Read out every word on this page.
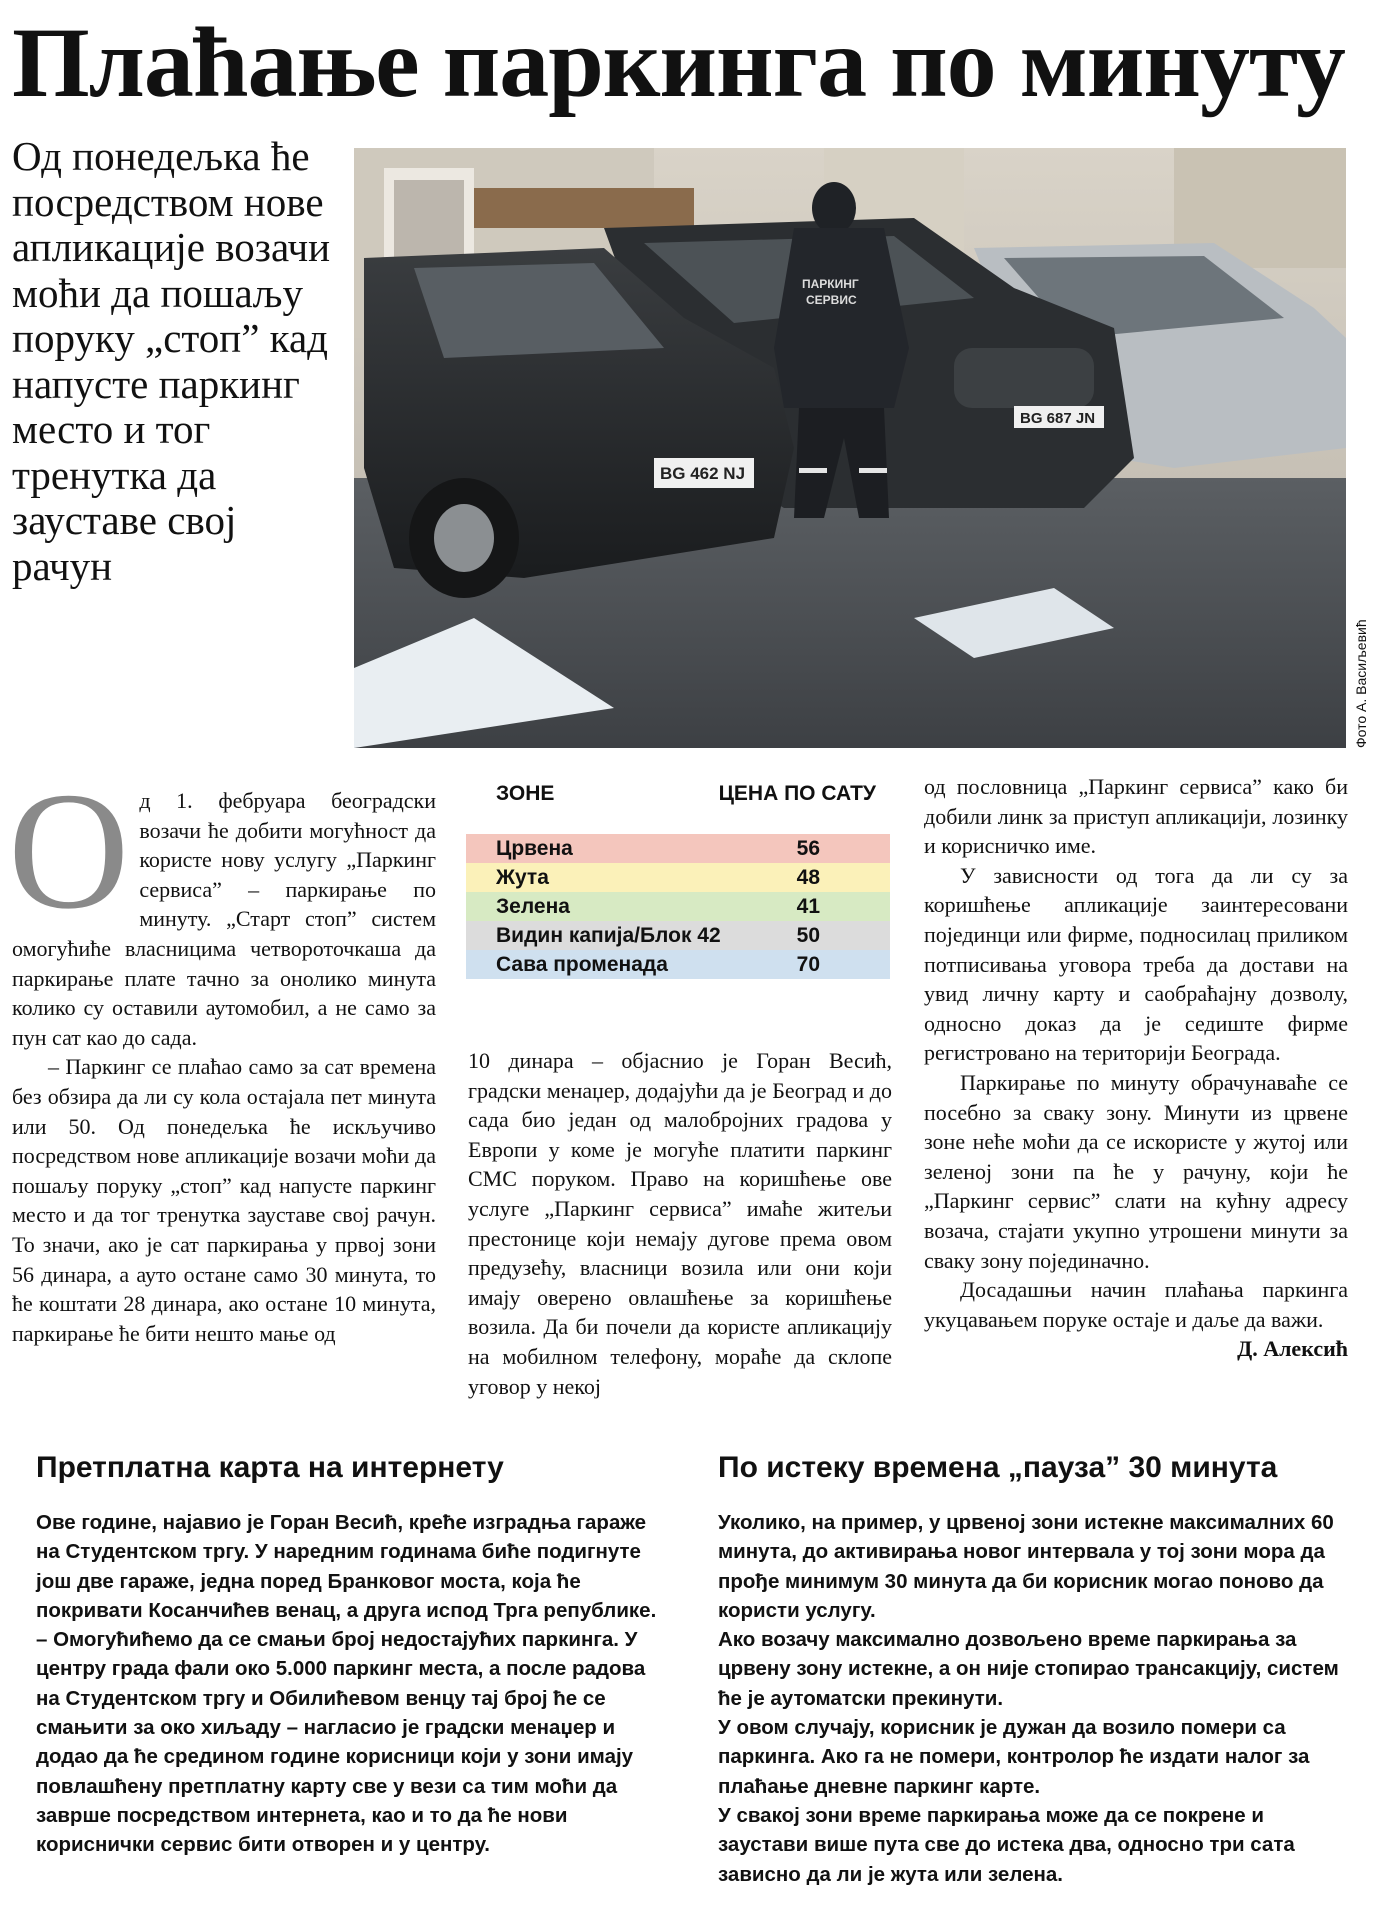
Плаћање паркинга по минуту

Од понедељка ће посредством нове апликације возачи моћи да пошаљу поруку „стоп” кад напусте паркинг место и тог тренутка да зауставе свој рачун

BG 687 JN
BG 462 NJ
ПАРКИНГ
СЕРВИС
Фото А. Васиљевић

Од 1. фебруара београдски возачи ће добити могућност да користе нову услугу „Паркинг сервиса” – паркирање по минуту. „Старт стоп” систем омогућиће власницима четвороточкаша да паркирање плате тачно за онолико минута колико су оставили аутомобил, а не само за пун сат као до сада.

– Паркинг се плаћао само за сат времена без обзира да ли су кола остајала пет минута или 50. Од понедељка ће искључиво посредством нове апликације возачи моћи да пошаљу поруку „стоп” кад напусте паркинг место и да тог тренутка зауставе свој рачун. То значи, ако је сат паркирања у првој зони 56 динара, а ауто остане само 30 минута, то ће коштати 28 динара, ако остане 10 минута, паркирање ће бити нешто мање од

ЗОНЕ	ЦЕНА ПО САТУ
Црвена	56
Жута	48
Зелена	41
Видин капија/Блок 42	50
Сава променада	70

10 динара – објаснио је Горан Весић, градски менаџер, додајући да је Београд и до сада био један од малобројних градова у Европи у коме је могуће платити паркинг СМС поруком. Право на коришћење ове услуге „Паркинг сервиса” имаће житељи престонице који немају дугове према овом предузећу, власници возила или они који имају оверено овлашћење за коришћење возила. Да би почели да користе апликацију на мобилном телефону, мораће да склопе уговор у некој

од пословница „Паркинг сервиса” како би добили линк за приступ апликацији, лозинку и корисничко име.

У зависности од тога да ли су за коришћење апликације заинтересовани појединци или фирме, подносилац приликом потписивања уговора треба да достави на увид личну карту и саобраћајну дозволу, односно доказ да је седиште фирме регистровано на територији Београда.

Паркирање по минуту обрачунаваће се посебно за сваку зону. Минути из црвене зоне неће моћи да се искористе у жутој или зеленој зони па ће у рачуну, који ће „Паркинг сервис” слати на кућну адресу возача, стајати укупно утрошени минути за сваку зону појединачно.

Досадашњи начин плаћања паркинга укуцавањем поруке остаје и даље да важи.
Д. Алексић

Претплатна карта на интернету

Ове године, најавио је Горан Весић, креће изградња гараже на Студентском тргу. У наредним годинама биће подигнуте још две гараже, једна поред Бранковог моста, која ће покривати Косанчићев венац, а друга испод Трга републике.

– Омогућићемо да се смањи број недостајућих паркинга. У центру града фали око 5.000 паркинг места, а после радова на Студентском тргу и Обилићевом венцу тај број ће се смањити за око хиљаду – нагласио је градски менаџер и додао да ће средином године корисници који у зони имају повлашћену претплатну карту све у вези са тим моћи да заврше посредством интернета, као и то да ће нови кориснички сервис бити отворен и у центру.

По истеку времена „пауза” 30 минута

Уколико, на пример, у црвеној зони истекне максималних 60 минута, до активирања новог интервала у тој зони мора да прође минимум 30 минута да би корисник могао поново да користи услугу.

Ако возачу максимално дозвољено време паркирања за црвену зону истекне, а он није стопирао трансакцију, систем ће је аутоматски прекинути.

У овом случају, корисник је дужан да возило помери са паркинга. Ако га не помери, контролор ће издати налог за плаћање дневне паркинг карте.

У свакој зони време паркирања може да се покрене и заустави више пута све до истека два, односно три сата зависно да ли је жута или зелена.
